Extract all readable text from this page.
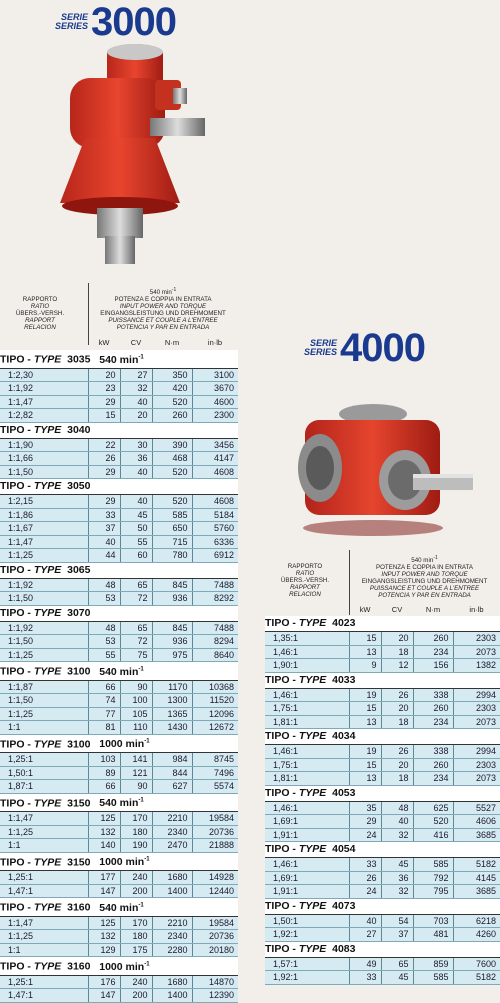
SERIE
SERIES 3000
RAPPORTO
RATIO
ÜBERS.-VERSH.
RAPPORT
RELACION
540 $\min^{-1}$
POTENZA E COPPIA IN ENTRATA
INPUT POWER AND TORQUE
EINGANGSLEISTUNG UND DREHMOMENT
PUISSANCE ET COUPLE A L'ENTREE
POTENCIA Y PAR EN ENTRADA
kW	CV	N·m	in·lb
TIPO - TYPE 3035 540 $\min^{-1}$
1:2,30	20	27	350	3100
1:1,92	23	32	420	3670
1:1,47	29	40	520	4600
1:2,82	15	20	260	2300
TIPO - TYPE 3040				
1:1,90	22	30	390	3456
1:1,66	26	36	468	4147
1:1,50	29	40	520	4608
TIPO - TYPE 3050				
1:2,15	29	40	520	4608
1:1,86	33	45	585	5184
1:1,67	37	50	650	5760
1:1,47	40	55	715	6336
1:1,25	44	60	780	6912
TIPO - TYPE 3065				
1:1,92	48	65	845	7488
1:1,50	53	72	936	8292
TIPO - TYPE 3070				
1:1,92	48	65	845	7488
1:1,50	53	72	936	8294
1:1,25	55	75	975	8640
TIPO - TYPE 3100 540 $\min^{-1}$
1:1,87	66	90	1170	10368
1:1,50	74	100	1300	11520
1:1,25	77	105	1365	12096
1:1	81	110	1430	12672
TIPO - TYPE 3100 1000 $\min^{-1}$
1,25:1	103	141	984	8745
1,50:1	89	121	844	7496
1,87:1	66	90	627	5574
TIPO - TYPE 3150 540 $\min^{-1}$
1:1,47	125	170	2210	19584
1:1,25	132	180	2340	20736
1:1	140	190	2470	21888
TIPO - TYPE 3150 1000 $\min^{-1}$
1,25:1	177	240	1680	14928
1,47:1	147	200	1400	12440
TIPO - TYPE 3160 540 $\min^{-1}$
1:1,47	125	170	2210	19584
1:1,25	132	180	2340	20736
1:1	129	175	2280	20180
TIPO - TYPE 3160 1000 $\min^{-1}$
1,25:1	176	240	1680	14870
1,47:1	147	200	1400	12390
SERIE
SERIES 4000
RAPPORTO
RATIO
ÜBERS.-VERSH.
RAPPORT
RELACION
540 $\min^{-1}$
POTENZA E COPPIA IN ENTRATA
INPUT POWER AND TORQUE
EINGANGSLEISTUNG UND DREHMOMENT
PUISSANCE ET COUPLE A L'ENTREE
POTENCIA Y PAR EN ENTRADA
kW	CV	N·m	in·lb
TIPO - TYPE 4023				
1,35:1	15	20	260	2303
1,46:1	13	18	234	2073
1,90:1	9	12	156	1382
TIPO - TYPE 4033				
1,46:1	19	26	338	2994
1,75:1	15	20	260	2303
1,81:1	13	18	234	2073
TIPO - TYPE 4034				
1,46:1	19	26	338	2994
1,75:1	15	20	260	2303
1,81:1	13	18	234	2073
TIPO - TYPE 4053				
1,46:1	35	48	625	5527
1,69:1	29	40	520	4606
1,91:1	24	32	416	3685
TIPO - TYPE 4054				
1,46:1	33	45	585	5182
1,69:1	26	36	792	4145
1,91:1	24	32	795	3685
TIPO - TYPE 4073				
1,50:1	40	54	703	6218
1,92:1	27	37	481	4260
TIPO - TYPE 4083				
1,57:1	49	65	859	7600
1,92:1	33	45	585	5182
